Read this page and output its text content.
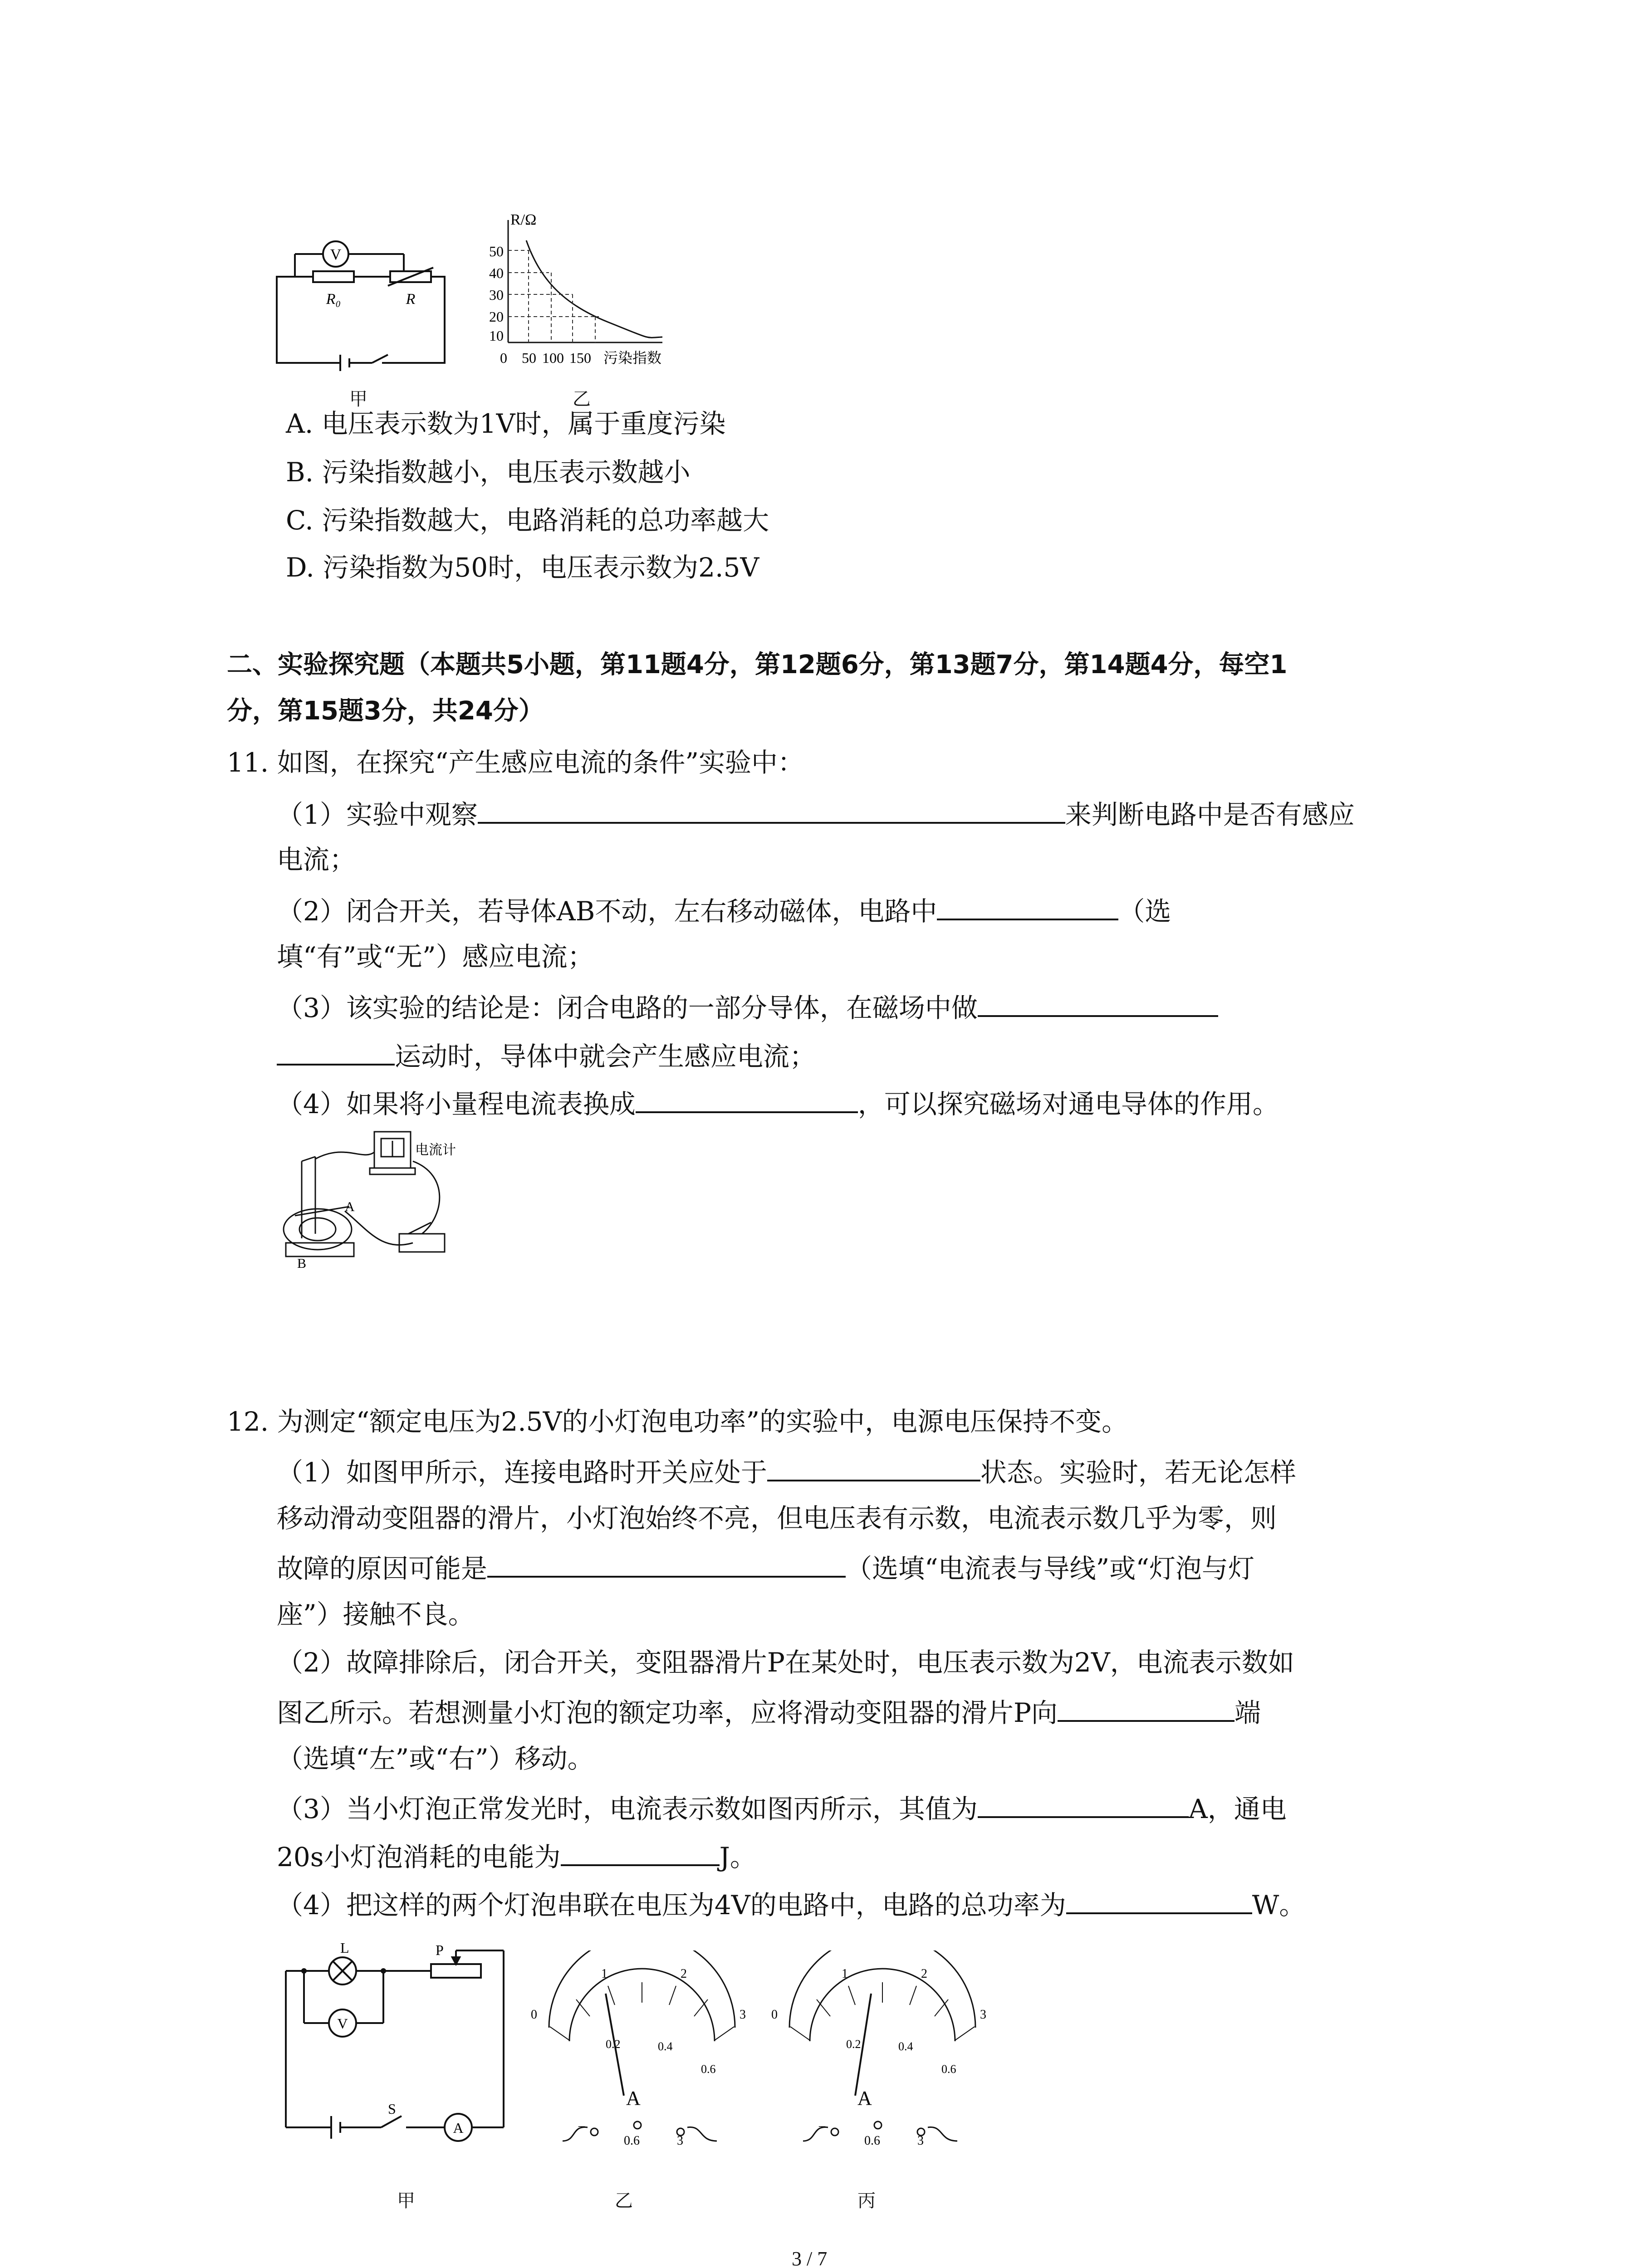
V
R₀	R
甲
R/Ω
50
40
30
20
10
0 50 100 150 污染指数
乙
A. 电压表示数为1V时，属于重度污染
B. 污染指数越小，电压表示数越小
C. 污染指数越大，电路消耗的总功率越大
D. 污染指数为50时，电压表示数为2.5V
二、实验探究题（本题共5小题，第11题4分，第12题6分，第13题7分，第14题4分，每空1
分，第15题3分，共24分）
11. 如图，在探究“产生感应电流的条件”实验中：
（1）实验中观察	来判断电路中是否有感应
电流；
（2）闭合开关，若导体AB不动，左右移动磁体，电路中	（选
填“有”或“无”）感应电流；
（3）该实验的结论是：闭合电路的一部分导体，在磁场中做
运动时，导体中就会产生感应电流；
（4）如果将小量程电流表换成	，可以探究磁场对通电导体的作用。
电流计
A
B
12. 为测定“额定电压为2.5V的小灯泡电功率”的实验中，电源电压保持不变。
（1）如图甲所示，连接电路时开关应处于	状态。实验时，若无论怎样
移动滑动变阻器的滑片，小灯泡始终不亮，但电压表有示数，电流表示数几乎为零，则
故障的原因可能是	（选填“电流表与导线”或“灯泡与灯
座”）接触不良。
（2）故障排除后，闭合开关，变阻器滑片P在某处时，电压表示数为2V，电流表示数如
图乙所示。若想测量小灯泡的额定功率，应将滑动变阻器的滑片P向	端
（选填“左”或“右”）移动。
（3）当小灯泡正常发光时，电流表示数如图丙所示，其值为	A，通电
20s小灯泡消耗的电能为	J。
（4）把这样的两个灯泡串联在电压为4V的电路中，电路的总功率为	W。
L	P
V
S
A
甲
0
1	2
3
0.2	0.4
0.6
A
–
0.6	3
乙
0
1	2
3
0.2	0.4
0.6
A
–
0.6	3
丙
3 / 7
